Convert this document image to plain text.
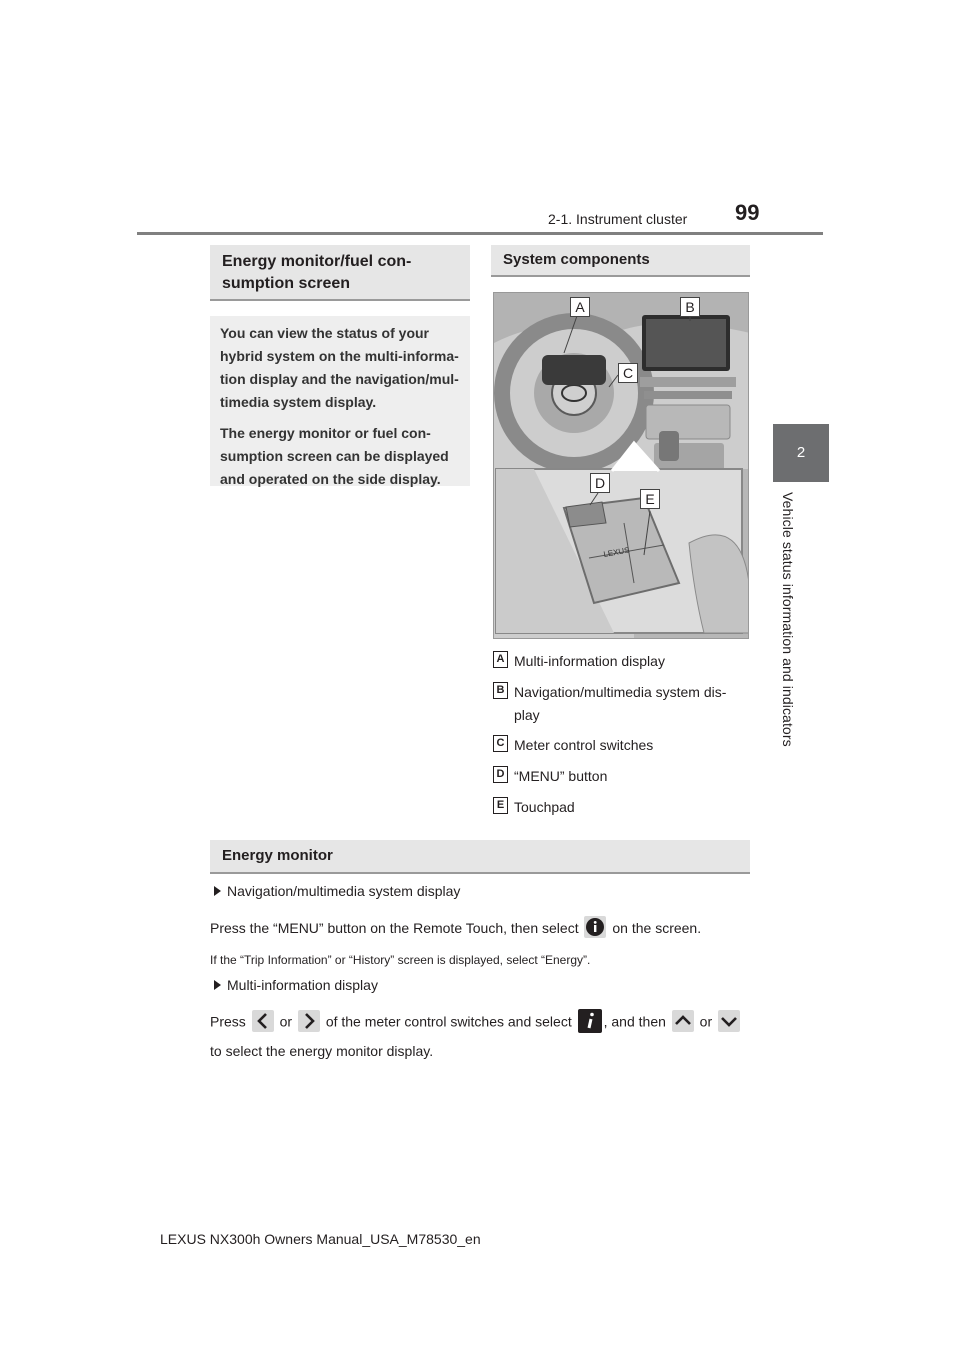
2-1. Instrument cluster 99
2
Vehicle status information and indicators
Energy monitor/fuel con-sumption screen

You can view the status of your hybrid system on the multi-informa-tion display and the navigation/mul-timedia system display.

The energy monitor or fuel con-sumption screen can be displayed and operated on the side display.

System components
LEXUS
A	B
C
D
E
A Multi-information display
B Navigation/multimedia system dis-play
C Meter control switches
D “MENU” button
E Touchpad
Energy monitor
Navigation/multimedia system display
Press the “MENU” button on the Remote Touch, then select on the screen.
If the “Trip Information” or “History” screen is displayed, select “Energy”.
Multi-information display
Press or of the meter control switches and select , and then or
to select the energy monitor display.
LEXUS NX300h Owners Manual_USA_M78530_en
